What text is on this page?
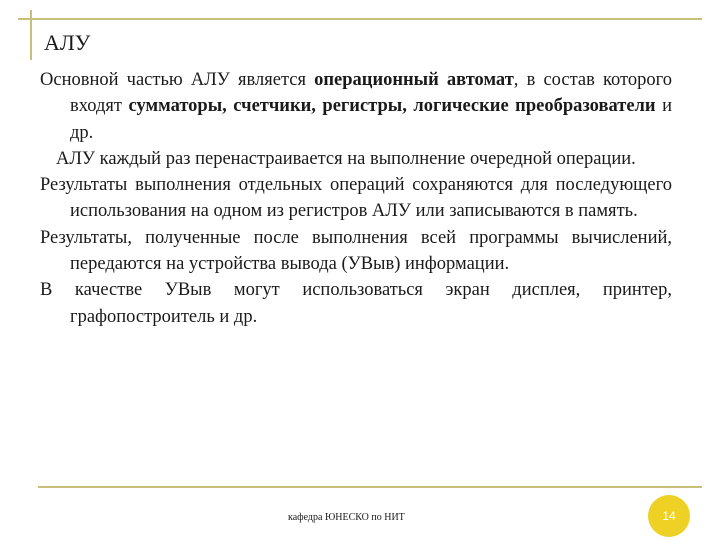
АЛУ

Основной частью АЛУ является операционный автомат, в состав которого входят сумматоры, счетчики, регистры, логические преобразователи и др.

АЛУ каждый раз перенастраивается на выполнение очередной операции.

Результаты выполнения отдельных операций сохраняются для последующего использования на одном из регистров АЛУ или записываются в память.

Результаты, полученные после выполнения всей программы вычислений, передаются на устройства вывода (УВыв) информации.

В качестве УВыв могут использоваться экран дисплея, принтер, графопостроитель и др.

кафедра ЮНЕСКО по НИТ	14
